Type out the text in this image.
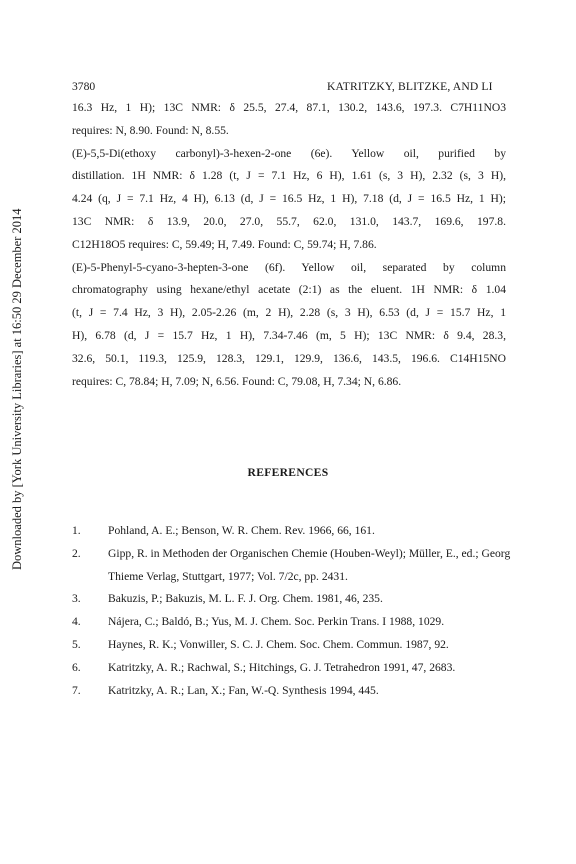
Downloaded by [York University Libraries] at 16:50 29 December 2014
3780	KATRITZKY, BLITZKE, AND LI
16.3 Hz, 1 H); 13C NMR: δ 25.5, 27.4, 87.1, 130.2, 143.6, 197.3. C7H11NO3
requires: N, 8.90. Found: N, 8.55.
(E)-5,5-Di(ethoxy carbonyl)-3-hexen-2-one (6e). Yellow oil, purified by
distillation. 1H NMR: δ 1.28 (t, J = 7.1 Hz, 6 H), 1.61 (s, 3 H), 2.32 (s, 3 H),
4.24 (q, J = 7.1 Hz, 4 H), 6.13 (d, J = 16.5 Hz, 1 H), 7.18 (d, J = 16.5 Hz, 1 H);
13C NMR: δ 13.9, 20.0, 27.0, 55.7, 62.0, 131.0, 143.7, 169.6, 197.8.
C12H18O5 requires: C, 59.49; H, 7.49. Found: C, 59.74; H, 7.86.
(E)-5-Phenyl-5-cyano-3-hepten-3-one (6f). Yellow oil, separated by column
chromatography using hexane/ethyl acetate (2:1) as the eluent. 1H NMR: δ 1.04
(t, J = 7.4 Hz, 3 H), 2.05-2.26 (m, 2 H), 2.28 (s, 3 H), 6.53 (d, J = 15.7 Hz, 1
H), 6.78 (d, J = 15.7 Hz, 1 H), 7.34-7.46 (m, 5 H); 13C NMR: δ 9.4, 28.3,
32.6, 50.1, 119.3, 125.9, 128.3, 129.1, 129.9, 136.6, 143.5, 196.6. C14H15NO
requires: C, 78.84; H, 7.09; N, 6.56. Found: C, 79.08, H, 7.34; N, 6.86.
REFERENCES
1. Pohland, A. E.; Benson, W. R. Chem. Rev. 1966, 66, 161.
2. Gipp, R. in Methoden der Organischen Chemie (Houben-Weyl); Müller, E., ed.; Georg Thieme Verlag, Stuttgart, 1977; Vol. 7/2c, pp. 2431.
3. Bakuzis, P.; Bakuzis, M. L. F. J. Org. Chem. 1981, 46, 235.
4. Nájera, C.; Baldó, B.; Yus, M. J. Chem. Soc. Perkin Trans. I 1988, 1029.
5. Haynes, R. K.; Vonwiller, S. C. J. Chem. Soc. Chem. Commun. 1987, 92.
6. Katritzky, A. R.; Rachwal, S.; Hitchings, G. J. Tetrahedron 1991, 47, 2683.
7. Katritzky, A. R.; Lan, X.; Fan, W.-Q. Synthesis 1994, 445.
